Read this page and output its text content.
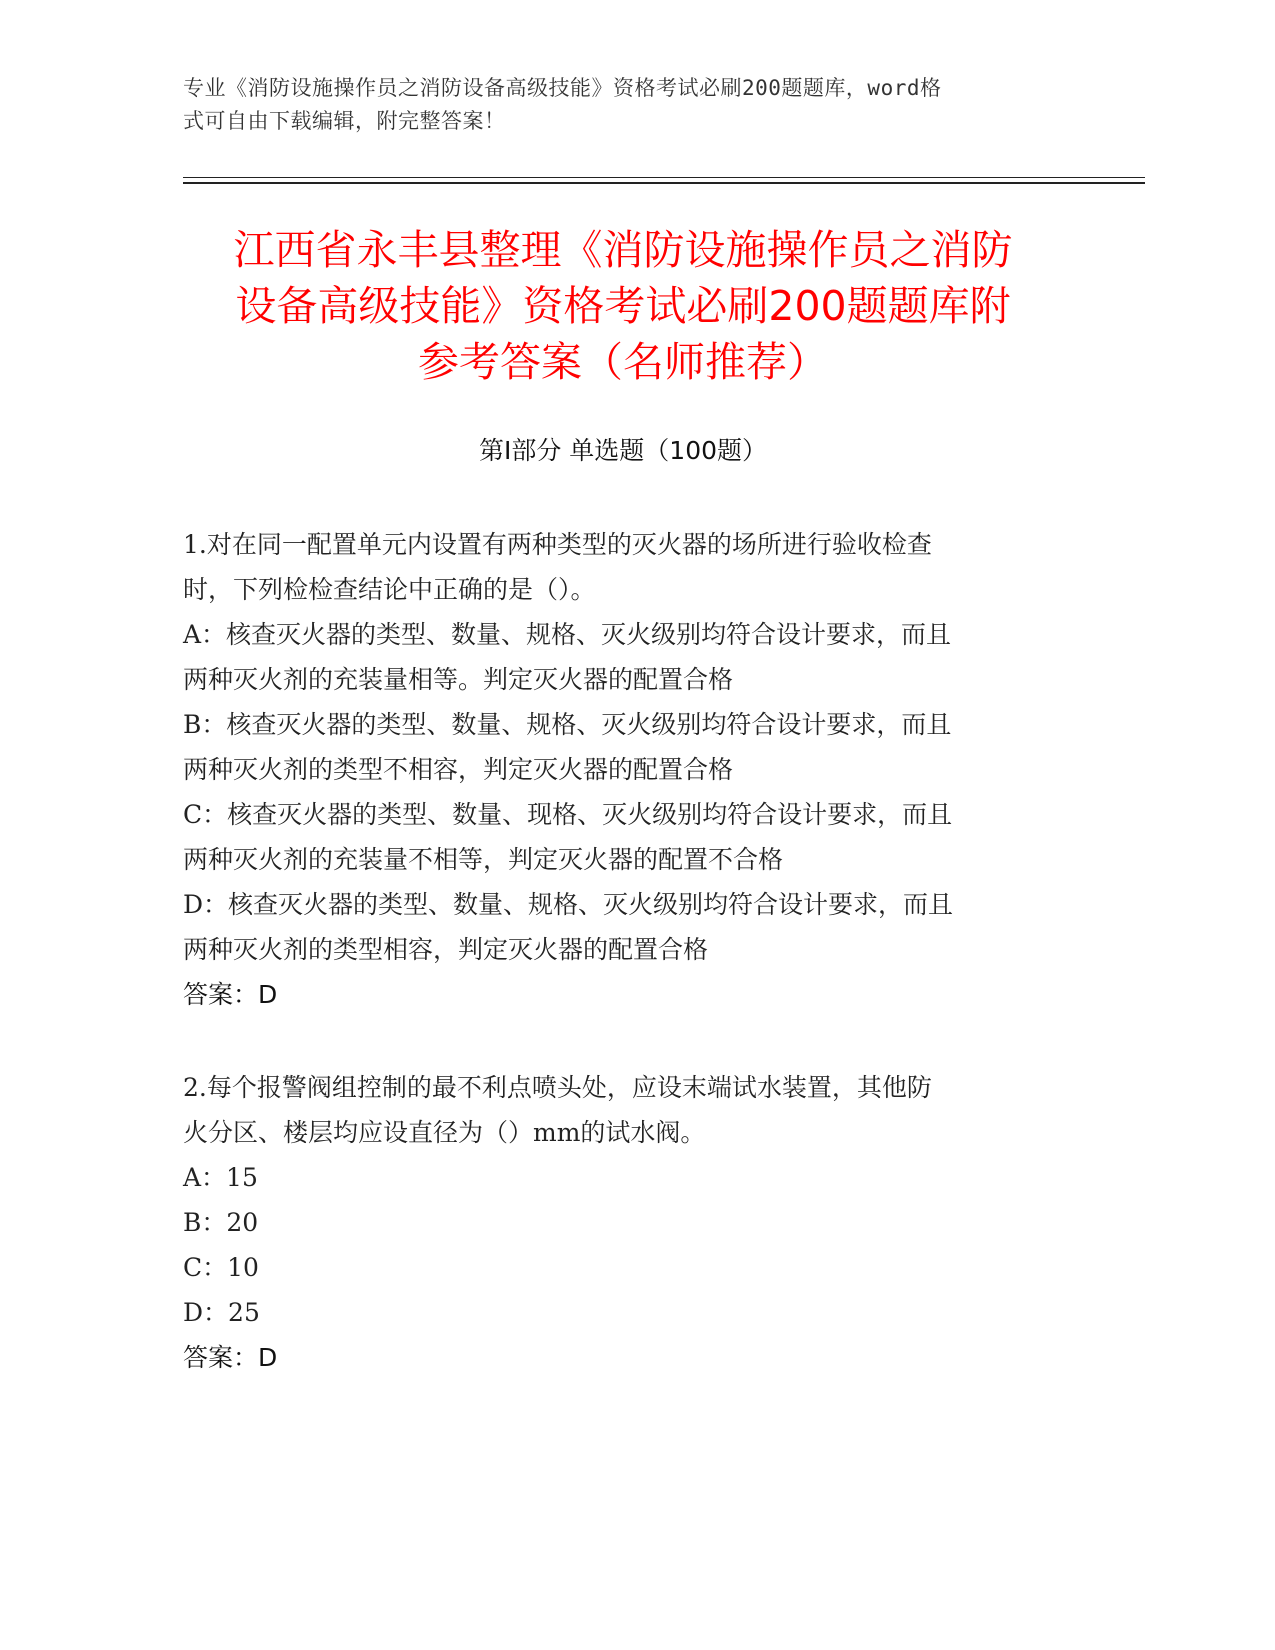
专业《消防设施操作员之消防设备高级技能》资格考试必刷200题题库，word格
式可自由下载编辑，附完整答案！
江西省永丰县整理《消防设施操作员之消防
设备高级技能》资格考试必刷200题题库附
参考答案（名师推荐）
第Ⅰ部分 单选题（100题）

1.对在同一配置单元内设置有两种类型的灭火器的场所进行验收检查

时，下列检检查结论中正确的是（）。

A：核查灭火器的类型、数量、规格、灭火级别均符合设计要求，而且

两种灭火剂的充装量相等。判定灭火器的配置合格

B：核查灭火器的类型、数量、规格、灭火级别均符合设计要求，而且

两种灭火剂的类型不相容，判定灭火器的配置合格

C：核查灭火器的类型、数量、现格、灭火级别均符合设计要求，而且

两种灭火剂的充装量不相等，判定灭火器的配置不合格

D：核查灭火器的类型、数量、规格、灭火级别均符合设计要求，而且

两种灭火剂的类型相容，判定灭火器的配置合格

答案：D

2.每个报警阀组控制的最不利点喷头处，应设末端试水装置，其他防

火分区、楼层均应设直径为（）mm的试水阀。

A：15

B：20

C：10

D：25

答案：D
